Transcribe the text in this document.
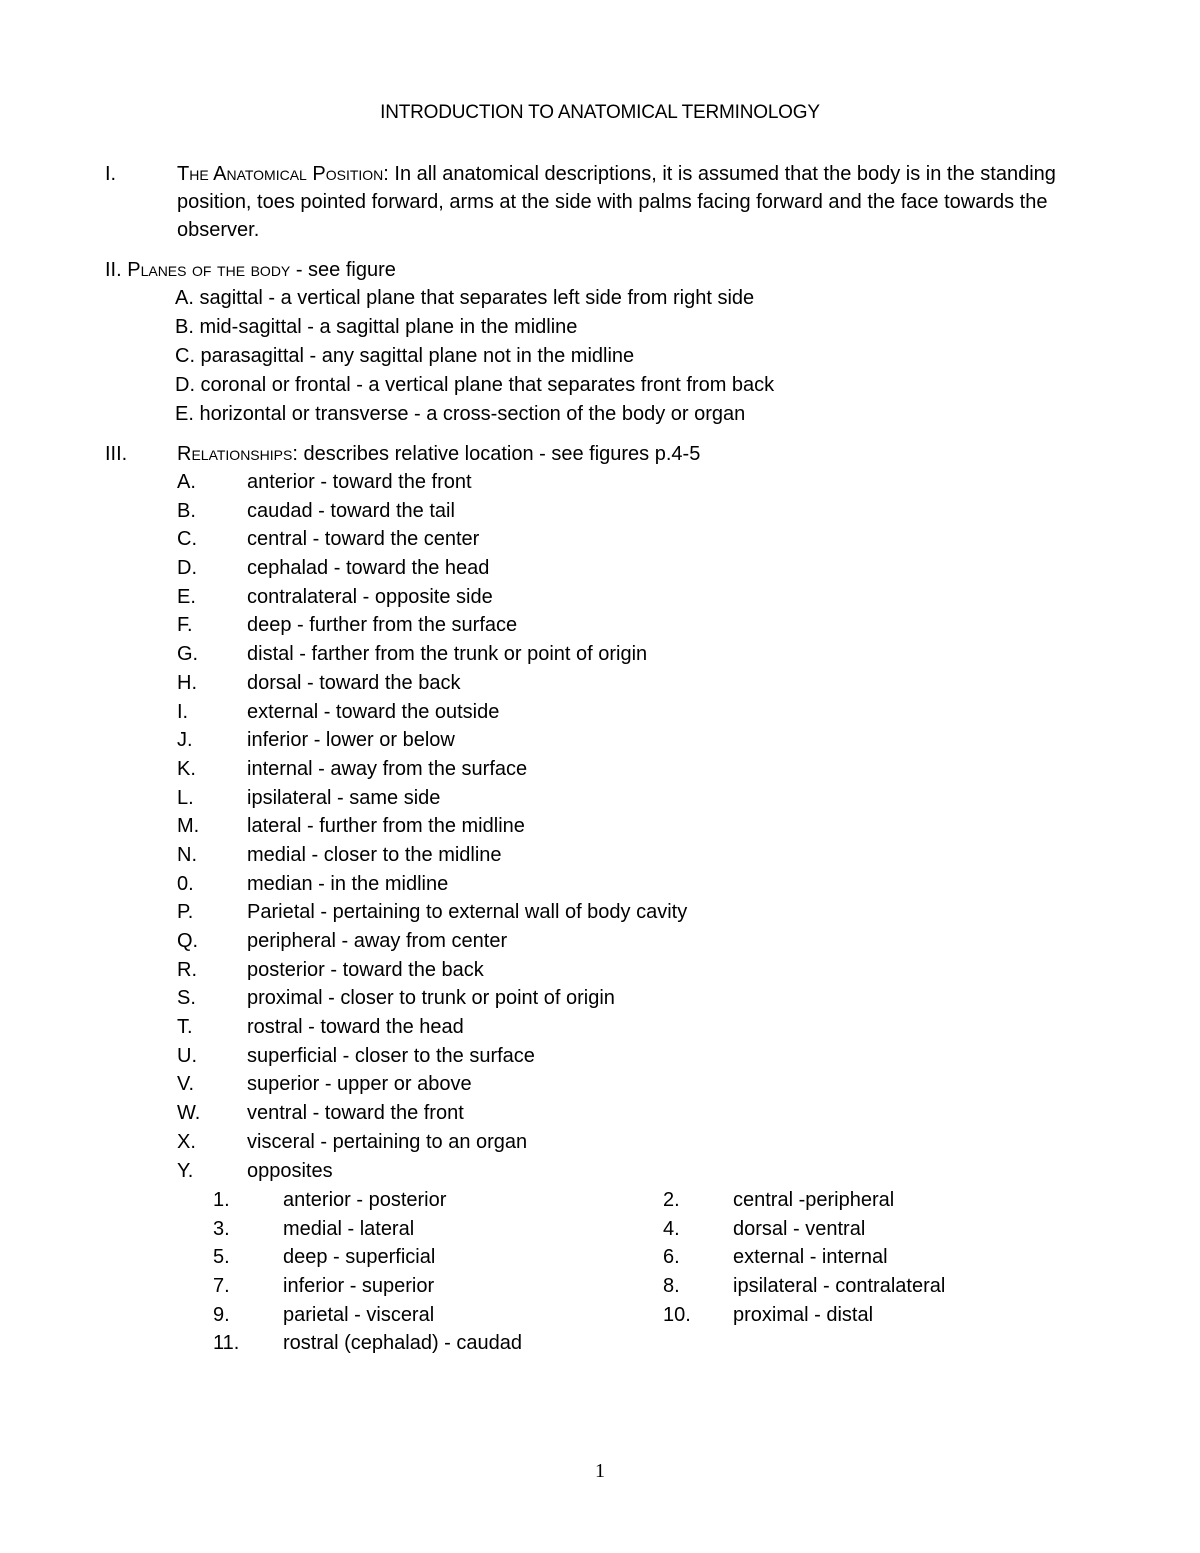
INTRODUCTION TO ANATOMICAL TERMINOLOGY
I.	The Anatomical Position: In all anatomical descriptions, it is assumed that the body is in the standing position, toes pointed forward, arms at the side with palms facing forward and the face towards the observer.
II. Planes of the body - see figure
A. sagittal - a vertical plane that separates left side from right side
B. mid-sagittal - a sagittal plane in the midline
C. parasagittal - any sagittal plane not in the midline
D. coronal or frontal - a vertical plane that separates front from back
E. horizontal or transverse - a cross-section of the body or organ
III. Relationships: describes relative location - see figures p.4-5
A.	anterior - toward the front
B.	caudad - toward the tail
C.	central - toward the center
D.	cephalad - toward the head
E.	contralateral - opposite side
F.	deep - further from the surface
G. distal - farther from the trunk or point of origin
H.	dorsal - toward the back
I.	external - toward the outside
J.	inferior - lower or below
K.	internal - away from the surface
L.	ipsilateral - same side
M. lateral - further from the midline
N.	medial - closer to the midline
0.	median - in the midline
P.	Parietal - pertaining to external wall of body cavity
Q. peripheral - away from center
R.	posterior - toward the back
S.	proximal - closer to trunk or point of origin
T.	rostral - toward the head
U.	superficial - closer to the surface
V.	superior - upper or above
W. ventral - toward the front
X.	visceral - pertaining to an organ
Y.	opposites
1.	anterior - posterior	2.	central -peripheral
3.	medial - lateral	4.	dorsal - ventral
5.	deep - superficial	6.	external - internal
7.	inferior - superior	8.	ipsilateral - contralateral
9.	parietal - visceral	10. proximal - distal
11. rostral (cephalad) - caudad
1
